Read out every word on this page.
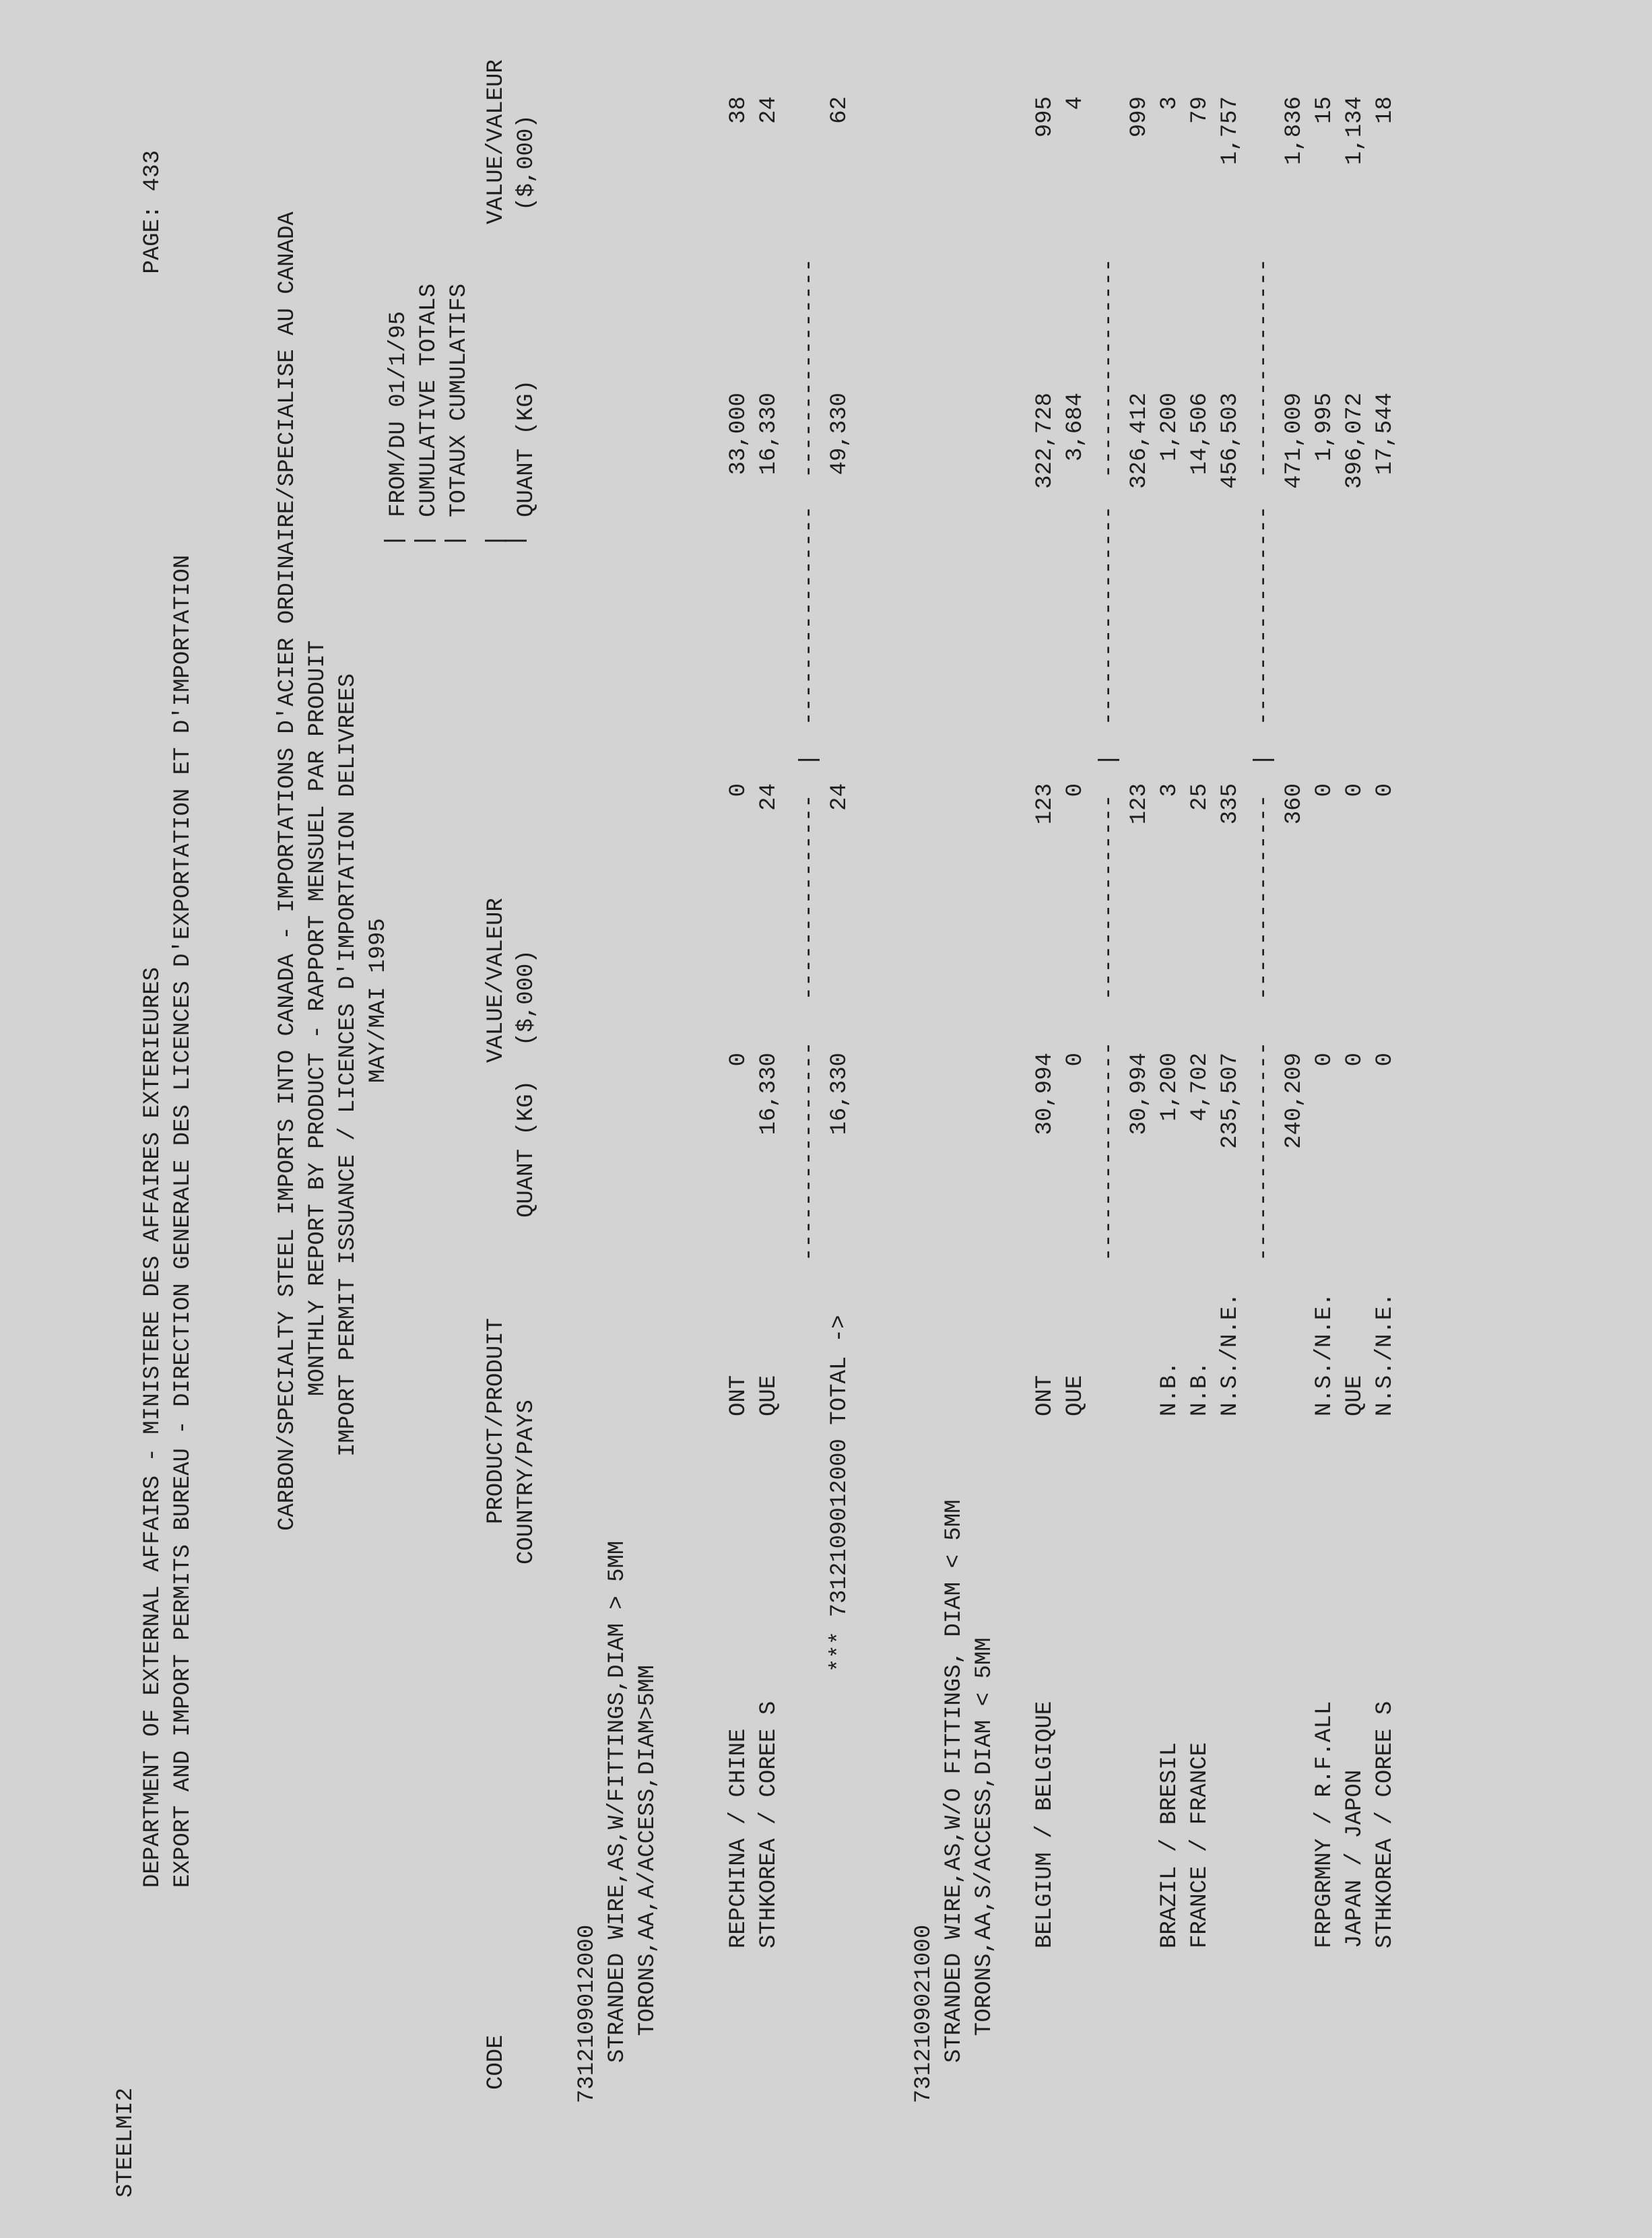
STEELMI2
DEPARTMENT OF EXTERNAL AFFAIRS - MINISTERE DES AFFAIRES EXTERIEURES EXPORT AND IMPORT PERMITS BUREAU - DIRECTION GENERALE DES LICENCES D'EXPORTATION ET D'IMPORTATION
PAGE: 433	CARBON/SPECIALTY STEEL IMPORTS INTO CANADA - IMPORTATIONS D'ACIER ORDINAIRE/SPECIALISE AU CANADA MONTHLY REPORT BY PRODUCT - RAPPORT MENSUEL PAR PRODUIT IMPORT PERMIT ISSUANCE / LICENCES D'IMPORTATION DELIVREES MAY/MAI 1995
FROM/DU 01/1/95 CUMULATIVE TOTALS TOTAUX CUMULATIFS
| | | |
|
CODE
PRODUCT/PRODUIT
VALUE/VALEUR
VALUE/VALEUR
COUNTRY/PAYS
QUANT (KG)
($,000)
QUANT (KG)
($,000)
7312109012000 STRANDED WIRE,AS,W/FITTINGS,DIAM > 5MM TORONS,AA,A/ACCESS,DIAM>5MM	REPCHINA / CHINE
ONT
0
0
33,000
38
STHKOREA / COREE S
QUE
16,330
24
16,330
24
----------------   ---------------  |  ----------------  ----------------
*** 7312109012000 TOTAL ->
16,330
24
49,330
62
7312109021000 STRANDED WIRE,AS,W/O FITTINGS, DIAM < 5MM TORONS,AA,S/ACCESS,DIAM < 5MM BELGIUM / BELGIQUE
ONT
30,994
123
322,728
995
QUE
0
0
3,684
4
----------------   ---------------  |  ----------------  ---------------- 30,994
123
326,412
999
BRAZIL / BRESIL
N.B.
1,200
3
1,200
3
FRANCE / FRANCE
N.B.
4,702
25
14,506
79
N.S./N.E.
235,507
335
456,503
1,757
----------------   ---------------  |  ----------------  ---------------- 240,209
360
471,009
1,836
FRPGRMNY / R.F.ALL
N.S./N.E.
0
0
1,995
15
JAPAN / JAPON
QUE
0
0
396,072
1,134
STHKOREA / COREE S
N.S./N.E.
0
0
17,544
18
